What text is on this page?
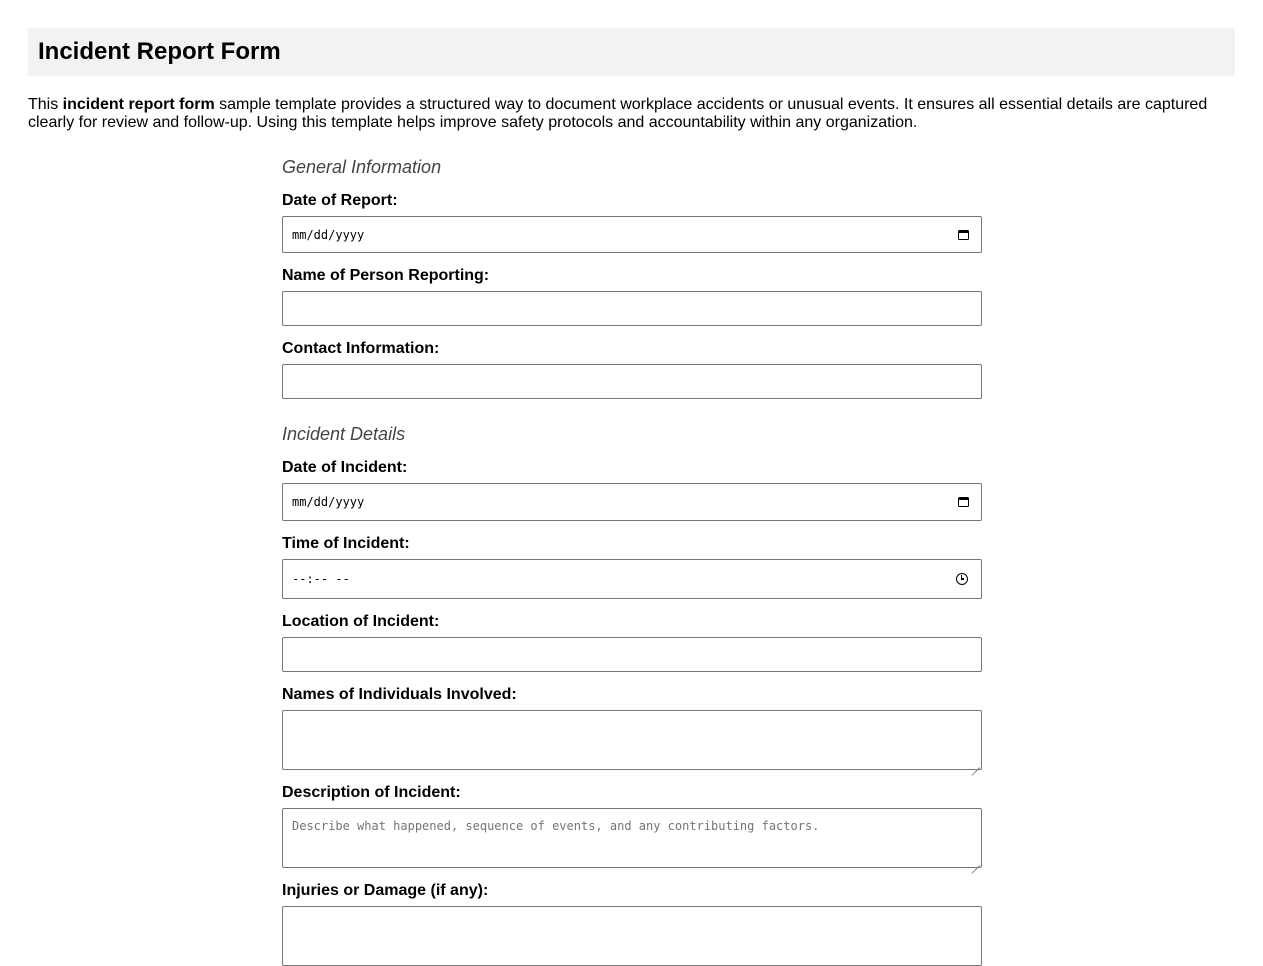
Incident Report Form

This incident report form sample template provides a structured way to document workplace accidents or unusual events. It ensures all essential details are captured clearly for review and follow-up. Using this template helps improve safety protocols and accountability within any organization.

General Information
Date of Report:
mm/dd/yyyy
Name of Person Reporting:
Contact Information:
Incident Details
Date of Incident:
mm/dd/yyyy
Time of Incident:
--:-- --
Location of Incident:
Names of Individuals Involved:
Description of Incident:
Describe what happened, sequence of events, and any contributing factors.
Injuries or Damage (if any):
